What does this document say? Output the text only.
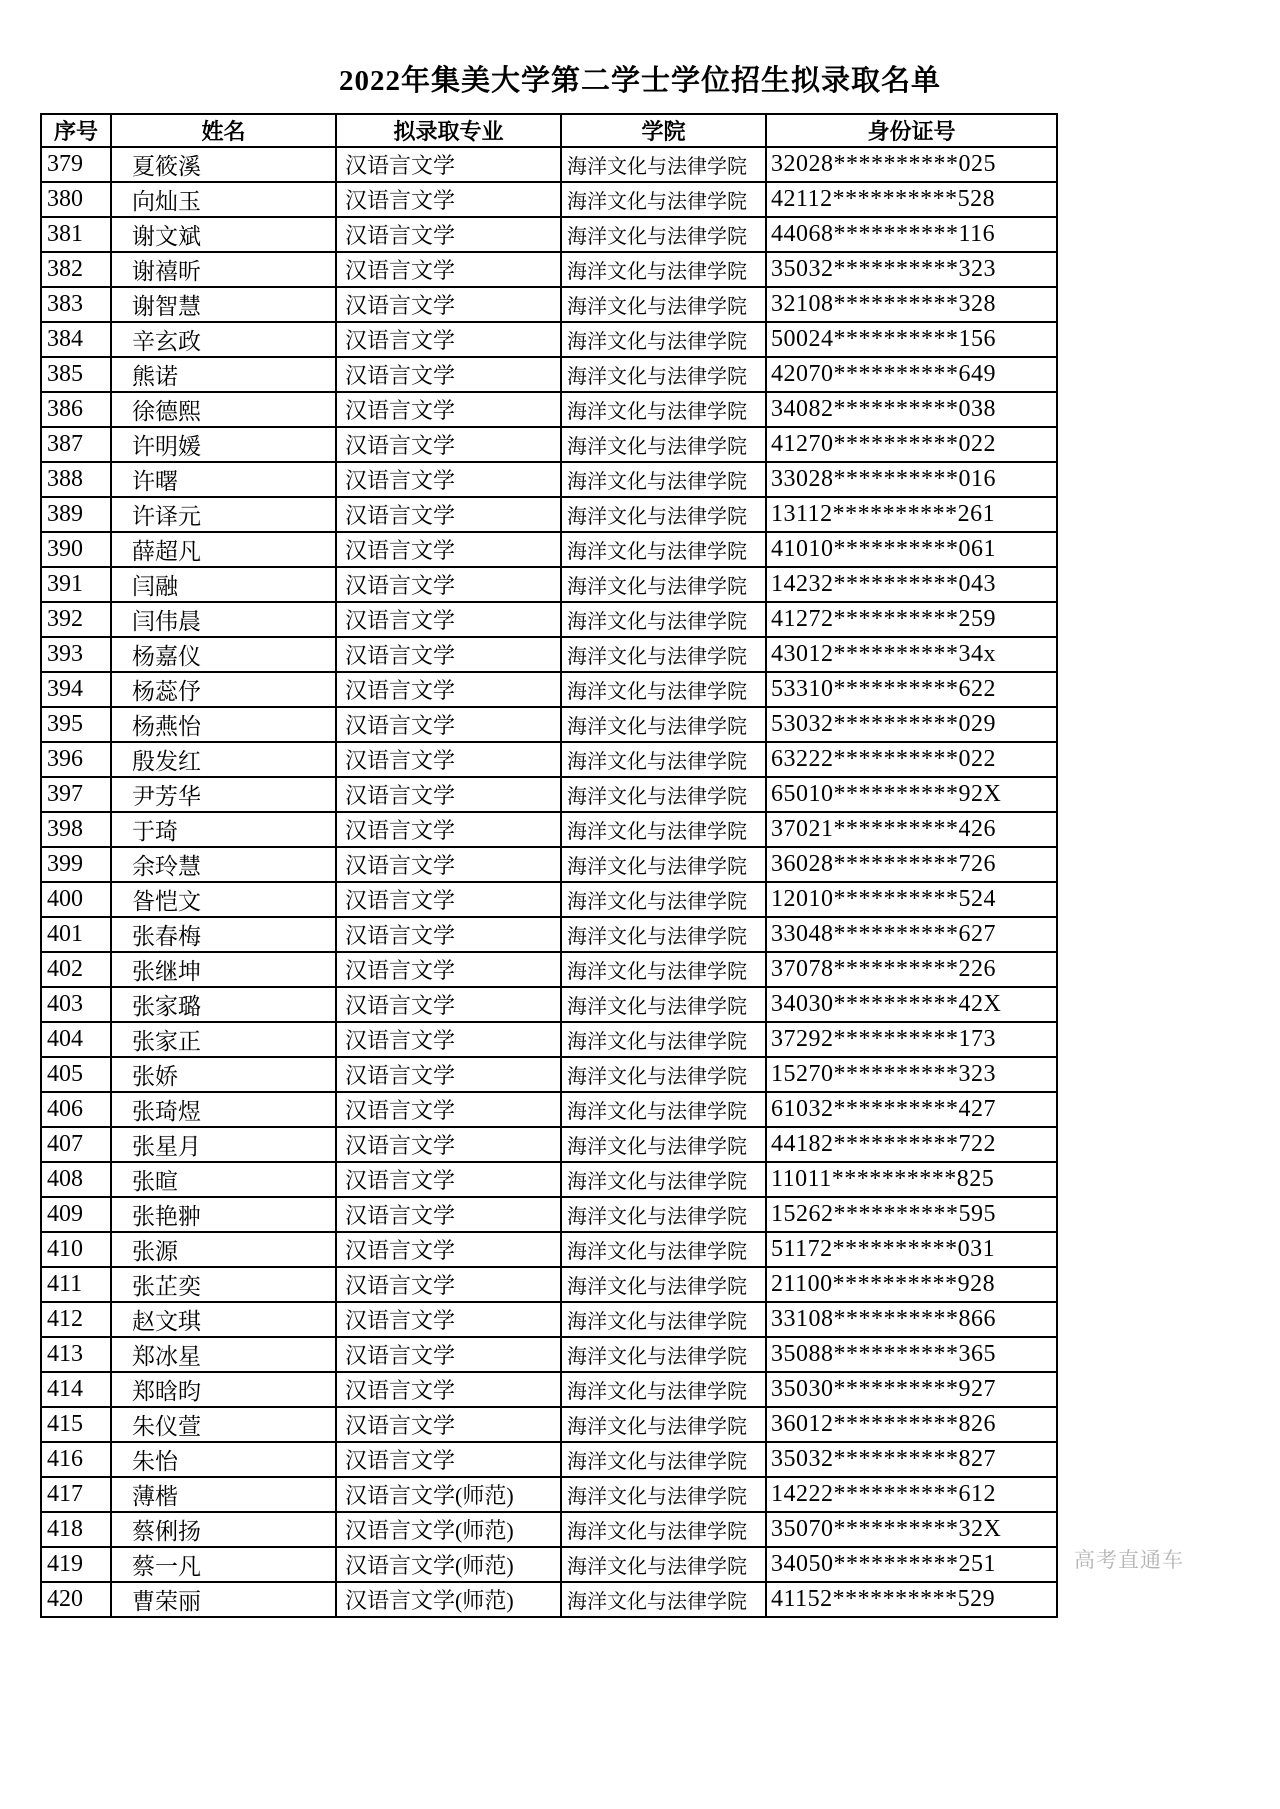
2022年集美大学第二学士学位招生拟录取名单
序号	姓名	拟录取专业	学院	身份证号
379	夏筱溪	汉语言文学	海洋文化与法律学院	32028**********025
380	向灿玉	汉语言文学	海洋文化与法律学院	42112**********528
381	谢文斌	汉语言文学	海洋文化与法律学院	44068**********116
382	谢禧昕	汉语言文学	海洋文化与法律学院	35032**********323
383	谢智慧	汉语言文学	海洋文化与法律学院	32108**********328
384	辛玄政	汉语言文学	海洋文化与法律学院	50024**********156
385	熊诺	汉语言文学	海洋文化与法律学院	42070**********649
386	徐德熙	汉语言文学	海洋文化与法律学院	34082**********038
387	许明媛	汉语言文学	海洋文化与法律学院	41270**********022
388	许曙	汉语言文学	海洋文化与法律学院	33028**********016
389	许译元	汉语言文学	海洋文化与法律学院	13112**********261
390	薛超凡	汉语言文学	海洋文化与法律学院	41010**********061
391	闫融	汉语言文学	海洋文化与法律学院	14232**********043
392	闫伟晨	汉语言文学	海洋文化与法律学院	41272**********259
393	杨嘉仪	汉语言文学	海洋文化与法律学院	43012**********34x
394	杨蕊伃	汉语言文学	海洋文化与法律学院	53310**********622
395	杨燕怡	汉语言文学	海洋文化与法律学院	53032**********029
396	殷发红	汉语言文学	海洋文化与法律学院	63222**********022
397	尹芳华	汉语言文学	海洋文化与法律学院	65010**********92X
398	于琦	汉语言文学	海洋文化与法律学院	37021**********426
399	余玲慧	汉语言文学	海洋文化与法律学院	36028**********726
400	昝恺文	汉语言文学	海洋文化与法律学院	12010**********524
401	张春梅	汉语言文学	海洋文化与法律学院	33048**********627
402	张继坤	汉语言文学	海洋文化与法律学院	37078**********226
403	张家璐	汉语言文学	海洋文化与法律学院	34030**********42X
404	张家正	汉语言文学	海洋文化与法律学院	37292**********173
405	张娇	汉语言文学	海洋文化与法律学院	15270**********323
406	张琦煜	汉语言文学	海洋文化与法律学院	61032**********427
407	张星月	汉语言文学	海洋文化与法律学院	44182**********722
408	张暄	汉语言文学	海洋文化与法律学院	11011**********825
409	张艳翀	汉语言文学	海洋文化与法律学院	15262**********595
410	张源	汉语言文学	海洋文化与法律学院	51172**********031
411	张芷奕	汉语言文学	海洋文化与法律学院	21100**********928
412	赵文琪	汉语言文学	海洋文化与法律学院	33108**********866
413	郑冰星	汉语言文学	海洋文化与法律学院	35088**********365
414	郑晗昀	汉语言文学	海洋文化与法律学院	35030**********927
415	朱仪萱	汉语言文学	海洋文化与法律学院	36012**********826
416	朱怡	汉语言文学	海洋文化与法律学院	35032**********827
417	薄楷	汉语言文学(师范)	海洋文化与法律学院	14222**********612
418	蔡俐扬	汉语言文学(师范)	海洋文化与法律学院	35070**********32X
419	蔡一凡	汉语言文学(师范)	海洋文化与法律学院	34050**********251
420	曹荣丽	汉语言文学(师范)	海洋文化与法律学院	41152**********529
高考直通车
